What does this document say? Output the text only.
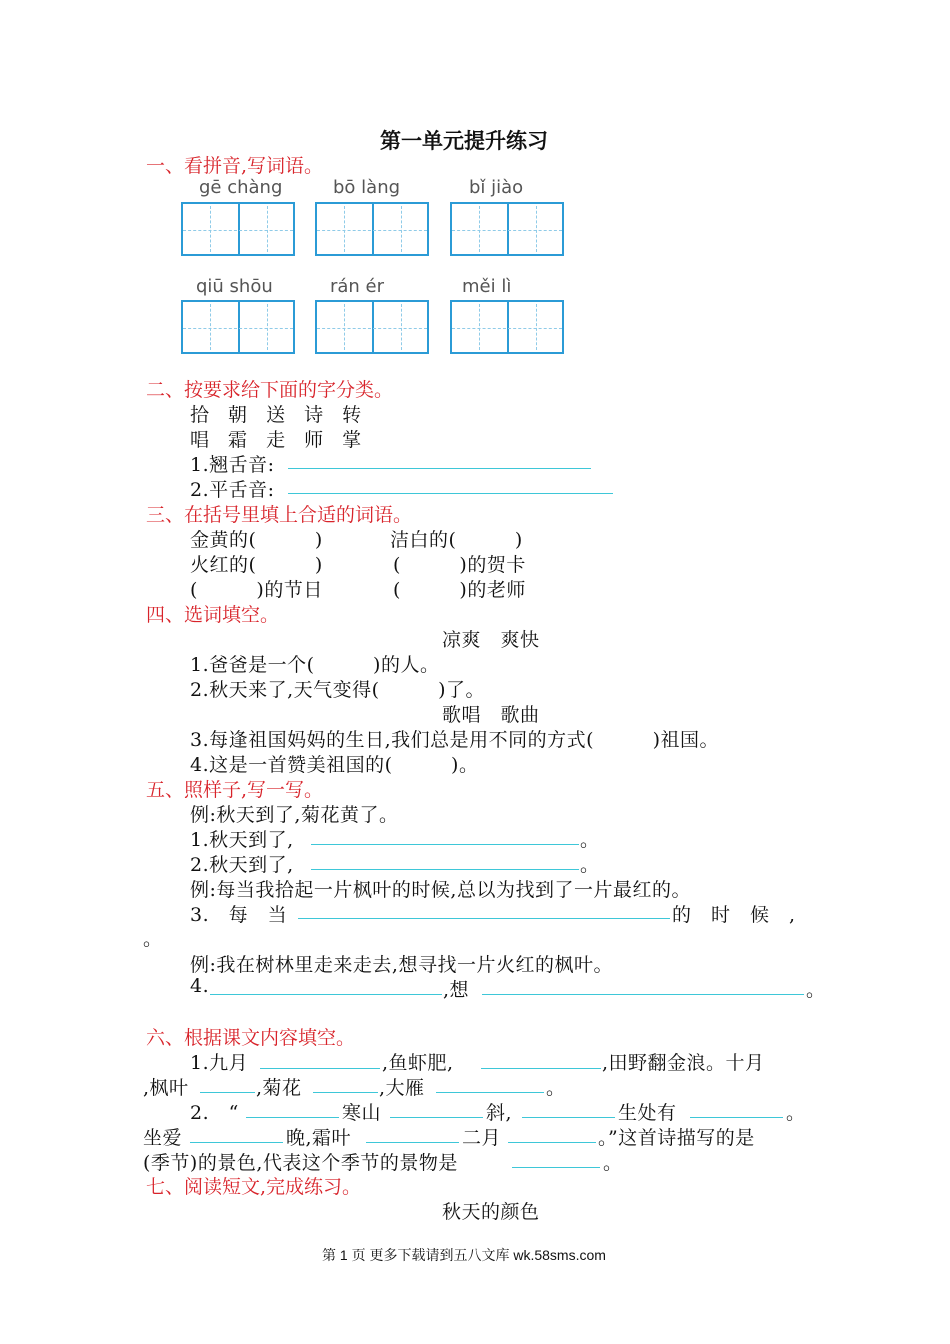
第一单元提升练习
一、看拼音,写词语。
gē chàng	bō làng	bǐ jiào
qiū shōu	rán ér	měi lì
二、按要求给下面的字分类。
拾 朝 送 诗 转
唱 霜 走 师 掌
1.翘舌音:
2.平舌音:
三、在括号里填上合适的词语。
金黄的(　　　)	洁白的(　　　)
火红的(　　　)	(　　　)的贺卡
(　　　)的节日	(　　　)的老师
四、选词填空。
凉爽　爽快
1.爸爸是一个(　　　)的人。
2.秋天来了,天气变得(　　　)了。
歌唱　歌曲
3.每逢祖国妈妈的生日,我们总是用不同的方式(　　　)祖国。
4.这是一首赞美祖国的(　　　)。
五、照样子,写一写。
例:秋天到了,菊花黄了。
1.秋天到了,	。
2.秋天到了,	。
例:每当我拾起一片枫叶的时候,总以为找到了一片最红的。
3.　每　当	的　时　候　,
。
例:我在树林里走来走去,想寻找一片火红的枫叶。
4.	,想	。
六、根据课文内容填空。
1.九月	,鱼虾肥,	,田野翻金浪。十月
,枫叶	,菊花	,大雁	。
2.　“	寒山	斜,	生处有	。
坐爱	晚,霜叶	二月	。”这首诗描写的是
(季节)的景色,代表这个季节的景物是	。
七、阅读短文,完成练习。
秋天的颜色
第 1 页 更多下载请到五八文库 wk.58sms.com
